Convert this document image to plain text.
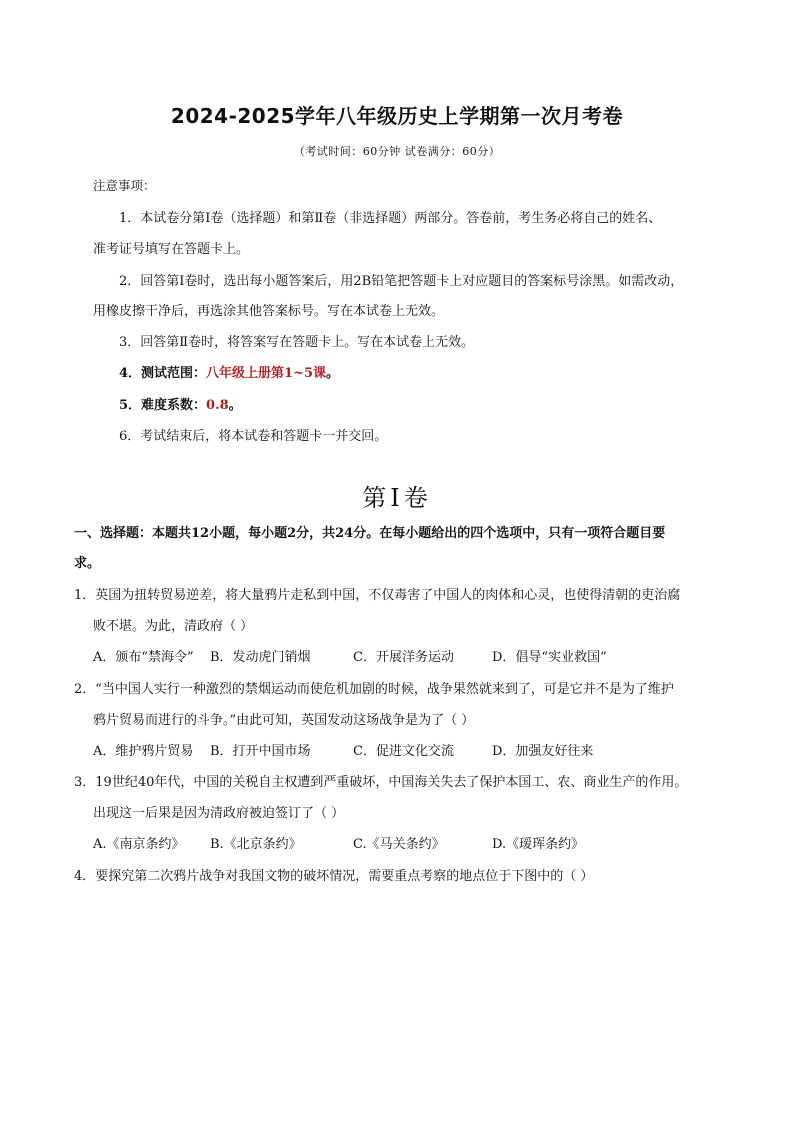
2024-2025学年八年级历史上学期第一次月考卷
（考试时间：60分钟 试卷满分：60分）
注意事项：
1．本试卷分第Ⅰ卷（选择题）和第Ⅱ卷（非选择题）两部分。答卷前，考生务必将自己的姓名、
准考证号填写在答题卡上。
2．回答第Ⅰ卷时，选出每小题答案后，用2B铅笔把答题卡上对应题目的答案标号涂黑。如需改动，
用橡皮擦干净后，再选涂其他答案标号。写在本试卷上无效。
3．回答第Ⅱ卷时，将答案写在答题卡上。写在本试卷上无效。
4．测试范围：八年级上册第1~5课。
5．难度系数：0.8。
6．考试结束后，将本试卷和答题卡一并交回。
第Ⅰ卷
一、选择题：本题共12小题，每小题2分，共24分。在每小题给出的四个选项中，只有一项符合题目要
求。
1．英国为扭转贸易逆差，将大量鸦片走私到中国，不仅毒害了中国人的肉体和心灵，也使得清朝的吏治腐
败不堪。为此，清政府（ ）
A．颁布“禁海令” B．发动虎门销烟	C．开展洋务运动	D．倡导“实业救国”
2．“当中国人实行一种激烈的禁烟运动而使危机加剧的时候，战争果然就来到了，可是它并不是为了维护
鸦片贸易而进行的斗争。”由此可知，英国发动这场战争是为了（ ）
A．维护鸦片贸易 B．打开中国市场	C．促进文化交流	D．加强友好往来
3．19世纪40年代，中国的关税自主权遭到严重破坏，中国海关失去了保护本国工、农、商业生产的作用。
出现这一后果是因为清政府被迫签订了（ ）
A.《南京条约》 B.《北京条约》	C.《马关条约》	D.《瑷珲条约》
4．要探究第二次鸦片战争对我国文物的破坏情况，需要重点考察的地点位于下图中的（ ）
